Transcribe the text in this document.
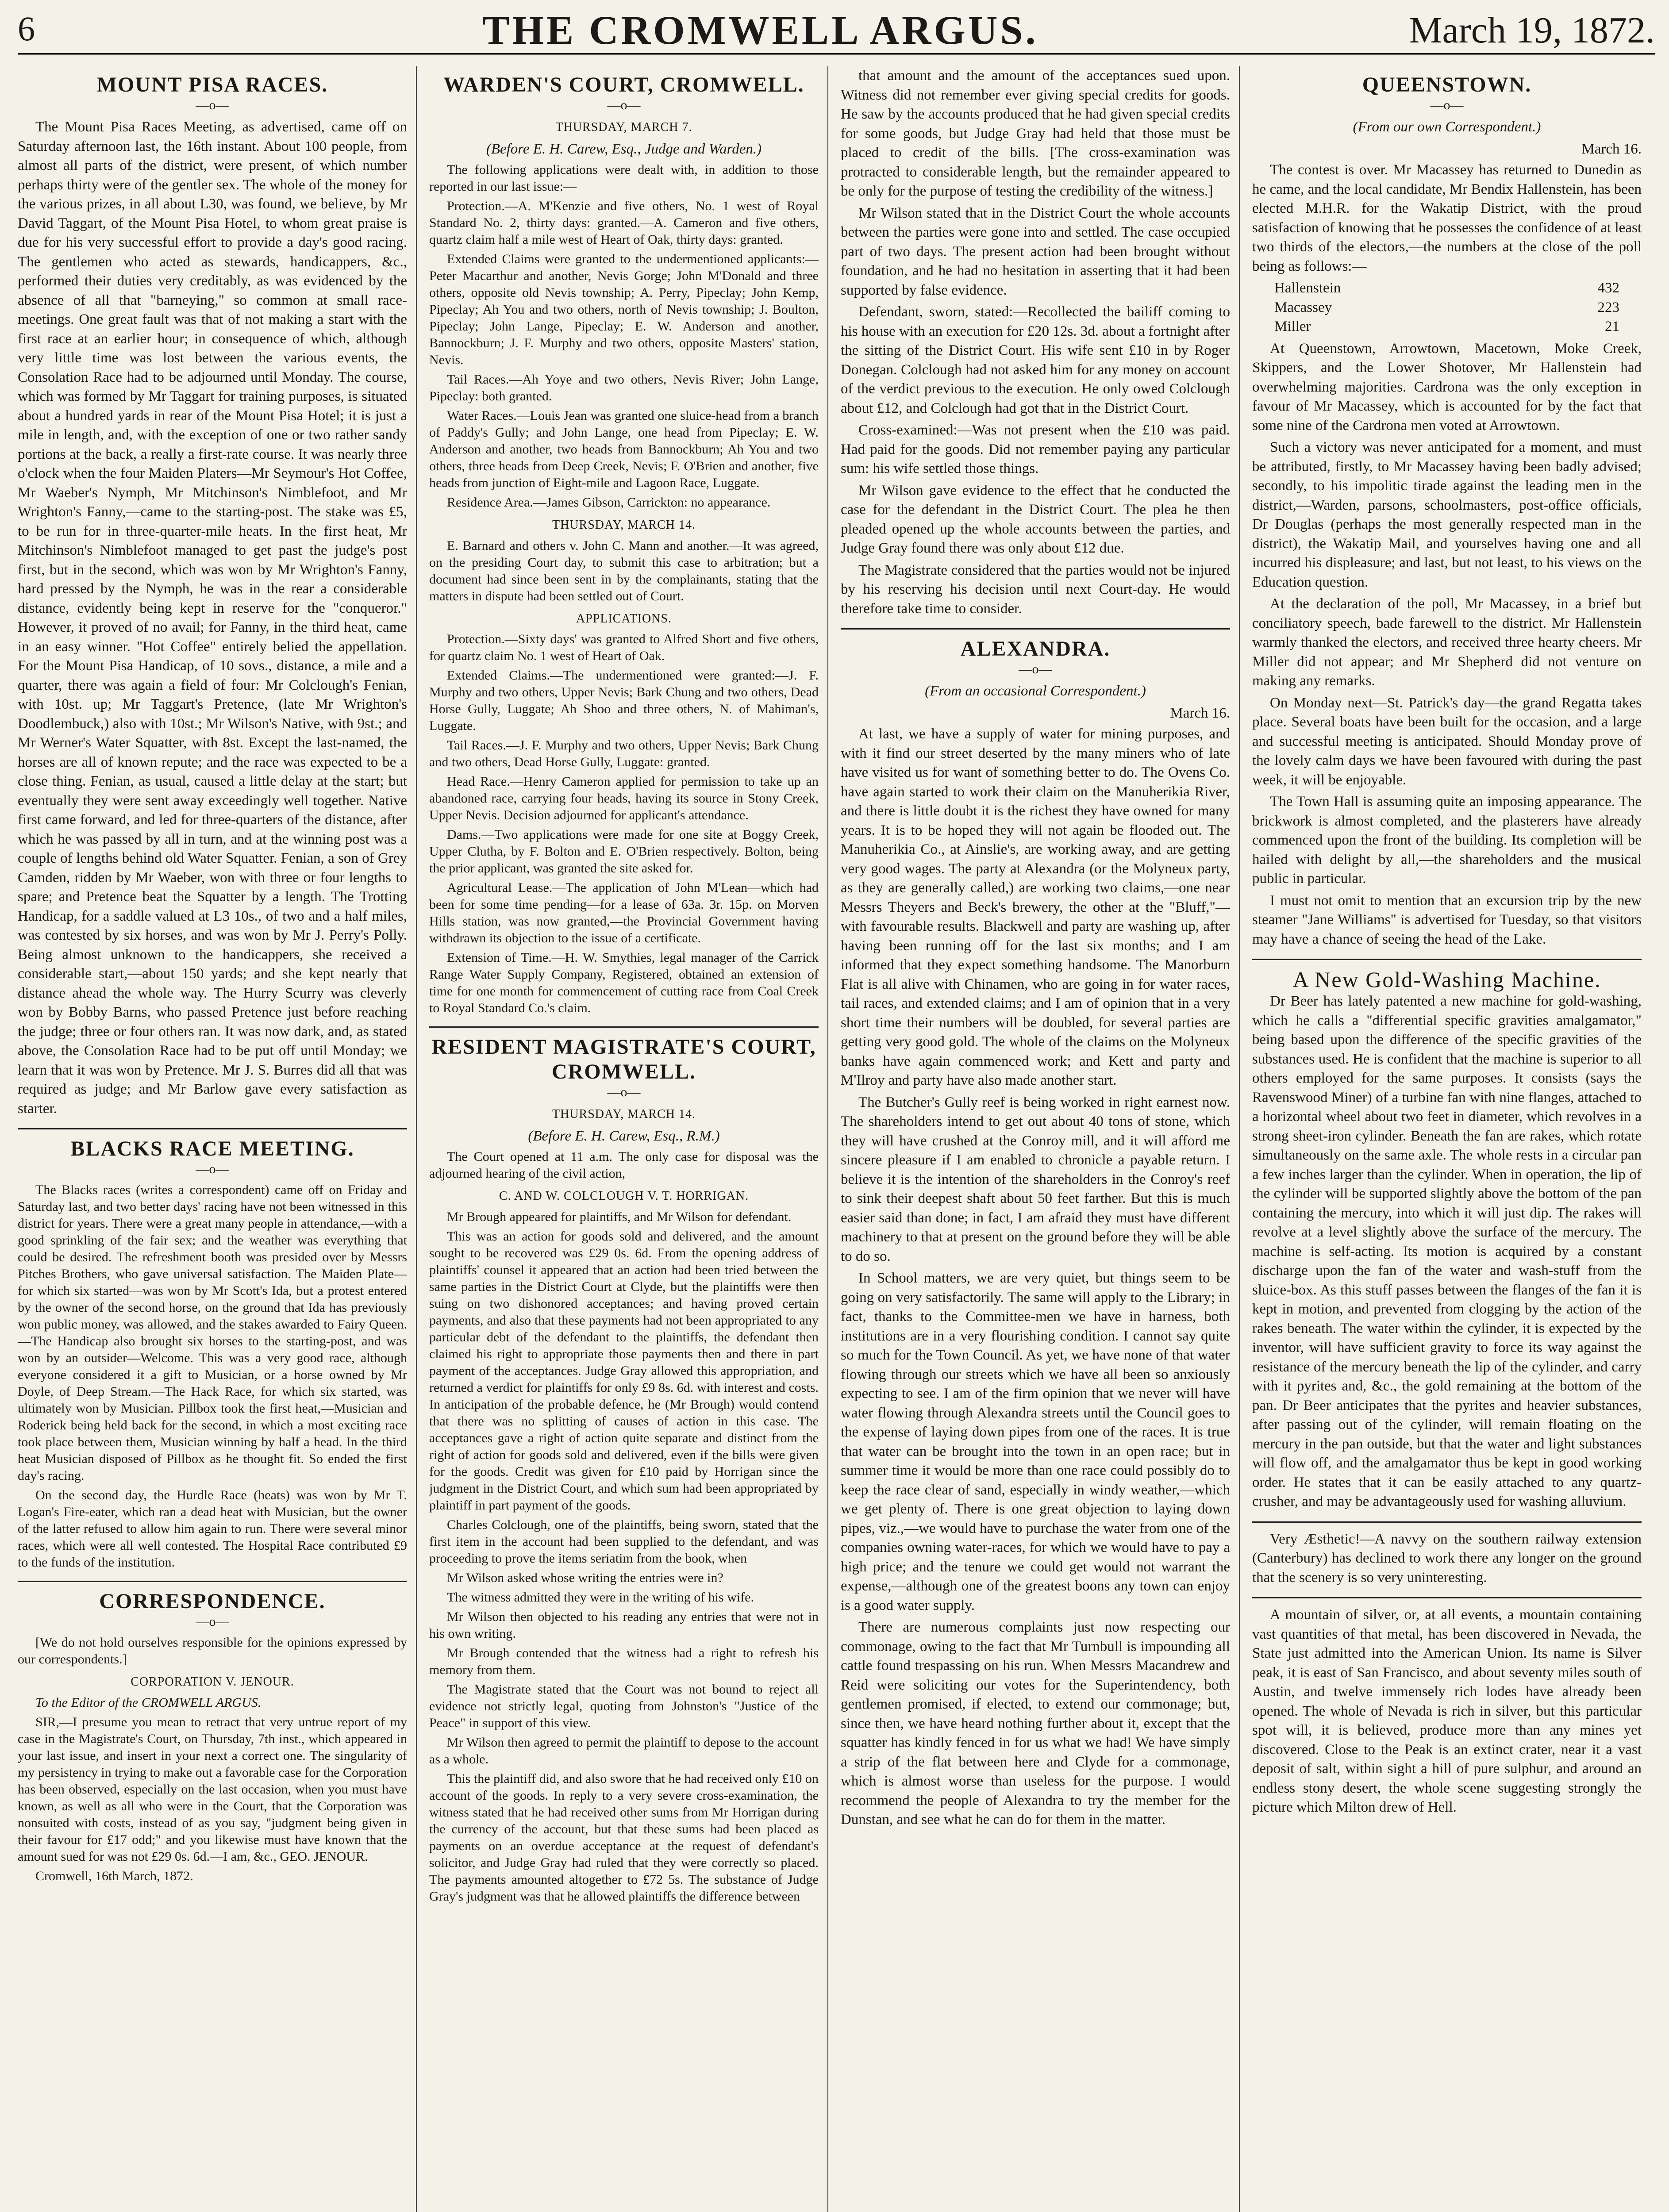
6	THE CROMWELL ARGUS.	March 19, 1872.
MOUNT PISA RACES.
—o—

The Mount Pisa Races Meeting, as advertised, came off on Saturday afternoon last, the 16th instant. About 100 people, from almost all parts of the district, were present, of which number perhaps thirty were of the gentler sex. The whole of the money for the various prizes, in all about L30, was found, we believe, by Mr David Taggart, of the Mount Pisa Hotel, to whom great praise is due for his very successful effort to provide a day's good racing. The gentlemen who acted as stewards, handicappers, &c., performed their duties very creditably, as was evidenced by the absence of all that "barneying," so common at small race-meetings. One great fault was that of not making a start with the first race at an earlier hour; in consequence of which, although very little time was lost between the various events, the Consolation Race had to be adjourned until Monday. The course, which was formed by Mr Taggart for training purposes, is situated about a hundred yards in rear of the Mount Pisa Hotel; it is just a mile in length, and, with the exception of one or two rather sandy portions at the back, a really a first-rate course. It was nearly three o'clock when the four Maiden Platers—Mr Seymour's Hot Coffee, Mr Waeber's Nymph, Mr Mitchinson's Nimblefoot, and Mr Wrighton's Fanny,—came to the starting-post. The stake was £5, to be run for in three-quarter-mile heats. In the first heat, Mr Mitchinson's Nimblefoot managed to get past the judge's post first, but in the second, which was won by Mr Wrighton's Fanny, hard pressed by the Nymph, he was in the rear a considerable distance, evidently being kept in reserve for the "conqueror." However, it proved of no avail; for Fanny, in the third heat, came in an easy winner. "Hot Coffee" entirely belied the appellation. For the Mount Pisa Handicap, of 10 sovs., distance, a mile and a quarter, there was again a field of four: Mr Colclough's Fenian, with 10st. up; Mr Taggart's Pretence, (late Mr Wrighton's Doodlembuck,) also with 10st.; Mr Wilson's Native, with 9st.; and Mr Werner's Water Squatter, with 8st. Except the last-named, the horses are all of known repute; and the race was expected to be a close thing. Fenian, as usual, caused a little delay at the start; but eventually they were sent away exceedingly well together. Native first came forward, and led for three-quarters of the distance, after which he was passed by all in turn, and at the winning post was a couple of lengths behind old Water Squatter. Fenian, a son of Grey Camden, ridden by Mr Waeber, won with three or four lengths to spare; and Pretence beat the Squatter by a length. The Trotting Handicap, for a saddle valued at L3 10s., of two and a half miles, was contested by six horses, and was won by Mr J. Perry's Polly. Being almost unknown to the handicappers, she received a considerable start,—about 150 yards; and she kept nearly that distance ahead the whole way. The Hurry Scurry was cleverly won by Bobby Barns, who passed Pretence just before reaching the judge; three or four others ran. It was now dark, and, as stated above, the Consolation Race had to be put off until Monday; we learn that it was won by Pretence. Mr J. S. Burres did all that was required as judge; and Mr Barlow gave every satisfaction as starter.

BLACKS RACE MEETING.
—o—

The Blacks races (writes a correspondent) came off on Friday and Saturday last, and two better days' racing have not been witnessed in this district for years. There were a great many people in attendance,—with a good sprinkling of the fair sex; and the weather was everything that could be desired. The refreshment booth was presided over by Messrs Pitches Brothers, who gave universal satisfaction. The Maiden Plate—for which six started—was won by Mr Scott's Ida, but a protest entered by the owner of the second horse, on the ground that Ida has previously won public money, was allowed, and the stakes awarded to Fairy Queen.—The Handicap also brought six horses to the starting-post, and was won by an outsider—Welcome. This was a very good race, although everyone considered it a gift to Musician, or a horse owned by Mr Doyle, of Deep Stream.—The Hack Race, for which six started, was ultimately won by Musician. Pillbox took the first heat,—Musician and Roderick being held back for the second, in which a most exciting race took place between them, Musician winning by half a head. In the third heat Musician disposed of Pillbox as he thought fit. So ended the first day's racing.

On the second day, the Hurdle Race (heats) was won by Mr T. Logan's Fire-eater, which ran a dead heat with Musician, but the owner of the latter refused to allow him again to run. There were several minor races, which were all well contested. The Hospital Race contributed £9 to the funds of the institution.

CORRESPONDENCE.
—o—

[We do not hold ourselves responsible for the opinions expressed by our correspondents.]

CORPORATION V. JENOUR.

To the Editor of the CROMWELL ARGUS.

SIR,—I presume you mean to retract that very untrue report of my case in the Magistrate's Court, on Thursday, 7th inst., which appeared in your last issue, and insert in your next a correct one. The singularity of my persistency in trying to make out a favorable case for the Corporation has been observed, especially on the last occasion, when you must have known, as well as all who were in the Court, that the Corporation was nonsuited with costs, instead of as you say, "judgment being given in their favour for £17 odd;" and you likewise must have known that the amount sued for was not £29 0s. 6d.—I am, &c., GEO. JENOUR.

Cromwell, 16th March, 1872.

WARDEN'S COURT, CROMWELL.
—o—
THURSDAY, MARCH 7.
(Before E. H. Carew, Esq., Judge and Warden.)

The following applications were dealt with, in addition to those reported in our last issue:—

Protection.—A. M'Kenzie and five others, No. 1 west of Royal Standard No. 2, thirty days: granted.—A. Cameron and five others, quartz claim half a mile west of Heart of Oak, thirty days: granted.

Extended Claims were granted to the undermentioned applicants:—Peter Macarthur and another, Nevis Gorge; John M'Donald and three others, opposite old Nevis township; A. Perry, Pipeclay; John Kemp, Pipeclay; Ah You and two others, north of Nevis township; J. Boulton, Pipeclay; John Lange, Pipeclay; E. W. Anderson and another, Bannockburn; J. F. Murphy and two others, opposite Masters' station, Nevis.

Tail Races.—Ah Yoye and two others, Nevis River; John Lange, Pipeclay: both granted.

Water Races.—Louis Jean was granted one sluice-head from a branch of Paddy's Gully; and John Lange, one head from Pipeclay; E. W. Anderson and another, two heads from Bannockburn; Ah You and two others, three heads from Deep Creek, Nevis; F. O'Brien and another, five heads from junction of Eight-mile and Lagoon Race, Luggate.

Residence Area.—James Gibson, Carrickton: no appearance.

THURSDAY, MARCH 14.

E. Barnard and others v. John C. Mann and another.—It was agreed, on the presiding Court day, to submit this case to arbitration; but a document had since been sent in by the complainants, stating that the matters in dispute had been settled out of Court.

APPLICATIONS.

Protection.—Sixty days' was granted to Alfred Short and five others, for quartz claim No. 1 west of Heart of Oak.

Extended Claims.—The undermentioned were granted:—J. F. Murphy and two others, Upper Nevis; Bark Chung and two others, Dead Horse Gully, Luggate; Ah Shoo and three others, N. of Mahiman's, Luggate.

Tail Races.—J. F. Murphy and two others, Upper Nevis; Bark Chung and two others, Dead Horse Gully, Luggate: granted.

Head Race.—Henry Cameron applied for permission to take up an abandoned race, carrying four heads, having its source in Stony Creek, Upper Nevis. Decision adjourned for applicant's attendance.

Dams.—Two applications were made for one site at Boggy Creek, Upper Clutha, by F. Bolton and E. O'Brien respectively. Bolton, being the prior applicant, was granted the site asked for.

Agricultural Lease.—The application of John M'Lean—which had been for some time pending—for a lease of 63a. 3r. 15p. on Morven Hills station, was now granted,—the Provincial Government having withdrawn its objection to the issue of a certificate.

Extension of Time.—H. W. Smythies, legal manager of the Carrick Range Water Supply Company, Registered, obtained an extension of time for one month for commencement of cutting race from Coal Creek to Royal Standard Co.'s claim.

RESIDENT MAGISTRATE'S COURT, CROMWELL.
—o—
THURSDAY, MARCH 14.
(Before E. H. Carew, Esq., R.M.)

The Court opened at 11 a.m. The only case for disposal was the adjourned hearing of the civil action,

C. AND W. COLCLOUGH V. T. HORRIGAN.

Mr Brough appeared for plaintiffs, and Mr Wilson for defendant.

This was an action for goods sold and delivered, and the amount sought to be recovered was £29 0s. 6d. From the opening address of plaintiffs' counsel it appeared that an action had been tried between the same parties in the District Court at Clyde, but the plaintiffs were then suing on two dishonored acceptances; and having proved certain payments, and also that these payments had not been appropriated to any particular debt of the defendant to the plaintiffs, the defendant then claimed his right to appropriate those payments then and there in part payment of the acceptances. Judge Gray allowed this appropriation, and returned a verdict for plaintiffs for only £9 8s. 6d. with interest and costs. In anticipation of the probable defence, he (Mr Brough) would contend that there was no splitting of causes of action in this case. The acceptances gave a right of action quite separate and distinct from the right of action for goods sold and delivered, even if the bills were given for the goods. Credit was given for £10 paid by Horrigan since the judgment in the District Court, and which sum had been appropriated by plaintiff in part payment of the goods.

Charles Colclough, one of the plaintiffs, being sworn, stated that the first item in the account had been supplied to the defendant, and was proceeding to prove the items seriatim from the book, when

Mr Wilson asked whose writing the entries were in?

The witness admitted they were in the writing of his wife.

Mr Wilson then objected to his reading any entries that were not in his own writing.

Mr Brough contended that the witness had a right to refresh his memory from them.

The Magistrate stated that the Court was not bound to reject all evidence not strictly legal, quoting from Johnston's "Justice of the Peace" in support of this view.

Mr Wilson then agreed to permit the plaintiff to depose to the account as a whole.

This the plaintiff did, and also swore that he had received only £10 on account of the goods. In reply to a very severe cross-examination, the witness stated that he had received other sums from Mr Horrigan during the currency of the account, but that these sums had been placed as payments on an overdue acceptance at the request of defendant's solicitor, and Judge Gray had ruled that they were correctly so placed. The payments amounted altogether to £72 5s. The substance of Judge Gray's judgment was that he allowed plaintiffs the difference between

that amount and the amount of the acceptances sued upon. Witness did not remember ever giving special credits for goods. He saw by the accounts produced that he had given special credits for some goods, but Judge Gray had held that those must be placed to credit of the bills. [The cross-examination was protracted to considerable length, but the remainder appeared to be only for the purpose of testing the credibility of the witness.]

Mr Wilson stated that in the District Court the whole accounts between the parties were gone into and settled. The case occupied part of two days. The present action had been brought without foundation, and he had no hesitation in asserting that it had been supported by false evidence.

Defendant, sworn, stated:—Recollected the bailiff coming to his house with an execution for £20 12s. 3d. about a fortnight after the sitting of the District Court. His wife sent £10 in by Roger Donegan. Colclough had not asked him for any money on account of the verdict previous to the execution. He only owed Colclough about £12, and Colclough had got that in the District Court.

Cross-examined:—Was not present when the £10 was paid. Had paid for the goods. Did not remember paying any particular sum: his wife settled those things.

Mr Wilson gave evidence to the effect that he conducted the case for the defendant in the District Court. The plea he then pleaded opened up the whole accounts between the parties, and Judge Gray found there was only about £12 due.

The Magistrate considered that the parties would not be injured by his reserving his decision until next Court-day. He would therefore take time to consider.

ALEXANDRA.
—o—
(From an occasional Correspondent.)
March 16.

At last, we have a supply of water for mining purposes, and with it find our street deserted by the many miners who of late have visited us for want of something better to do. The Ovens Co. have again started to work their claim on the Manuherikia River, and there is little doubt it is the richest they have owned for many years. It is to be hoped they will not again be flooded out. The Manuherikia Co., at Ainslie's, are working away, and are getting very good wages. The party at Alexandra (or the Molyneux party, as they are generally called,) are working two claims,—one near Messrs Theyers and Beck's brewery, the other at the "Bluff,"—with favourable results. Blackwell and party are washing up, after having been running off for the last six months; and I am informed that they expect something handsome. The Manorburn Flat is all alive with Chinamen, who are going in for water races, tail races, and extended claims; and I am of opinion that in a very short time their numbers will be doubled, for several parties are getting very good gold. The whole of the claims on the Molyneux banks have again commenced work; and Kett and party and M'Ilroy and party have also made another start.

The Butcher's Gully reef is being worked in right earnest now. The shareholders intend to get out about 40 tons of stone, which they will have crushed at the Conroy mill, and it will afford me sincere pleasure if I am enabled to chronicle a payable return. I believe it is the intention of the shareholders in the Conroy's reef to sink their deepest shaft about 50 feet farther. But this is much easier said than done; in fact, I am afraid they must have different machinery to that at present on the ground before they will be able to do so.

In School matters, we are very quiet, but things seem to be going on very satisfactorily. The same will apply to the Library; in fact, thanks to the Committee-men we have in harness, both institutions are in a very flourishing condition. I cannot say quite so much for the Town Council. As yet, we have none of that water flowing through our streets which we have all been so anxiously expecting to see. I am of the firm opinion that we never will have water flowing through Alexandra streets until the Council goes to the expense of laying down pipes from one of the races. It is true that water can be brought into the town in an open race; but in summer time it would be more than one race could possibly do to keep the race clear of sand, especially in windy weather,—which we get plenty of. There is one great objection to laying down pipes, viz.,—we would have to purchase the water from one of the companies owning water-races, for which we would have to pay a high price; and the tenure we could get would not warrant the expense,—although one of the greatest boons any town can enjoy is a good water supply.

There are numerous complaints just now respecting our commonage, owing to the fact that Mr Turnbull is impounding all cattle found trespassing on his run. When Messrs Macandrew and Reid were soliciting our votes for the Superintendency, both gentlemen promised, if elected, to extend our commonage; but, since then, we have heard nothing further about it, except that the squatter has kindly fenced in for us what we had! We have simply a strip of the flat between here and Clyde for a commonage, which is almost worse than useless for the purpose. I would recommend the people of Alexandra to try the member for the Dunstan, and see what he can do for them in the matter.

QUEENSTOWN.
—o—
(From our own Correspondent.)
March 16.

The contest is over. Mr Macassey has returned to Dunedin as he came, and the local candidate, Mr Bendix Hallenstein, has been elected M.H.R. for the Wakatip District, with the proud satisfaction of knowing that he possesses the confidence of at least two thirds of the electors,—the numbers at the close of the poll being as follows:—

Hallenstein	432
Macassey	223
Miller	21

At Queenstown, Arrowtown, Macetown, Moke Creek, Skippers, and the Lower Shotover, Mr Hallenstein had overwhelming majorities. Cardrona was the only exception in favour of Mr Macassey, which is accounted for by the fact that some nine of the Cardrona men voted at Arrowtown.

Such a victory was never anticipated for a moment, and must be attributed, firstly, to Mr Macassey having been badly advised; secondly, to his impolitic tirade against the leading men in the district,—Warden, parsons, schoolmasters, post-office officials, Dr Douglas (perhaps the most generally respected man in the district), the Wakatip Mail, and yourselves having one and all incurred his displeasure; and last, but not least, to his views on the Education question.

At the declaration of the poll, Mr Macassey, in a brief but conciliatory speech, bade farewell to the district. Mr Hallenstein warmly thanked the electors, and received three hearty cheers. Mr Miller did not appear; and Mr Shepherd did not venture on making any remarks.

On Monday next—St. Patrick's day—the grand Regatta takes place. Several boats have been built for the occasion, and a large and successful meeting is anticipated. Should Monday prove of the lovely calm days we have been favoured with during the past week, it will be enjoyable.

The Town Hall is assuming quite an imposing appearance. The brickwork is almost completed, and the plasterers have already commenced upon the front of the building. Its completion will be hailed with delight by all,—the shareholders and the musical public in particular.

I must not omit to mention that an excursion trip by the new steamer "Jane Williams" is advertised for Tuesday, so that visitors may have a chance of seeing the head of the Lake.

A New Gold-Washing Machine.

Dr Beer has lately patented a new machine for gold-washing, which he calls a "differential specific gravities amalgamator," being based upon the difference of the specific gravities of the substances used. He is confident that the machine is superior to all others employed for the same purposes. It consists (says the Ravenswood Miner) of a turbine fan with nine flanges, attached to a horizontal wheel about two feet in diameter, which revolves in a strong sheet-iron cylinder. Beneath the fan are rakes, which rotate simultaneously on the same axle. The whole rests in a circular pan a few inches larger than the cylinder. When in operation, the lip of the cylinder will be supported slightly above the bottom of the pan containing the mercury, into which it will just dip. The rakes will revolve at a level slightly above the surface of the mercury. The machine is self-acting. Its motion is acquired by a constant discharge upon the fan of the water and wash-stuff from the sluice-box. As this stuff passes between the flanges of the fan it is kept in motion, and prevented from clogging by the action of the rakes beneath. The water within the cylinder, it is expected by the inventor, will have sufficient gravity to force its way against the resistance of the mercury beneath the lip of the cylinder, and carry with it pyrites and, &c., the gold remaining at the bottom of the pan. Dr Beer anticipates that the pyrites and heavier substances, after passing out of the cylinder, will remain floating on the mercury in the pan outside, but that the water and light substances will flow off, and the amalgamator thus be kept in good working order. He states that it can be easily attached to any quartz-crusher, and may be advantageously used for washing alluvium.

Very Æsthetic!—A navvy on the southern railway extension (Canterbury) has declined to work there any longer on the ground that the scenery is so very uninteresting.

A mountain of silver, or, at all events, a mountain containing vast quantities of that metal, has been discovered in Nevada, the State just admitted into the American Union. Its name is Silver peak, it is east of San Francisco, and about seventy miles south of Austin, and twelve immensely rich lodes have already been opened. The whole of Nevada is rich in silver, but this particular spot will, it is believed, produce more than any mines yet discovered. Close to the Peak is an extinct crater, near it a vast deposit of salt, within sight a hill of pure sulphur, and around an endless stony desert, the whole scene suggesting strongly the picture which Milton drew of Hell.
